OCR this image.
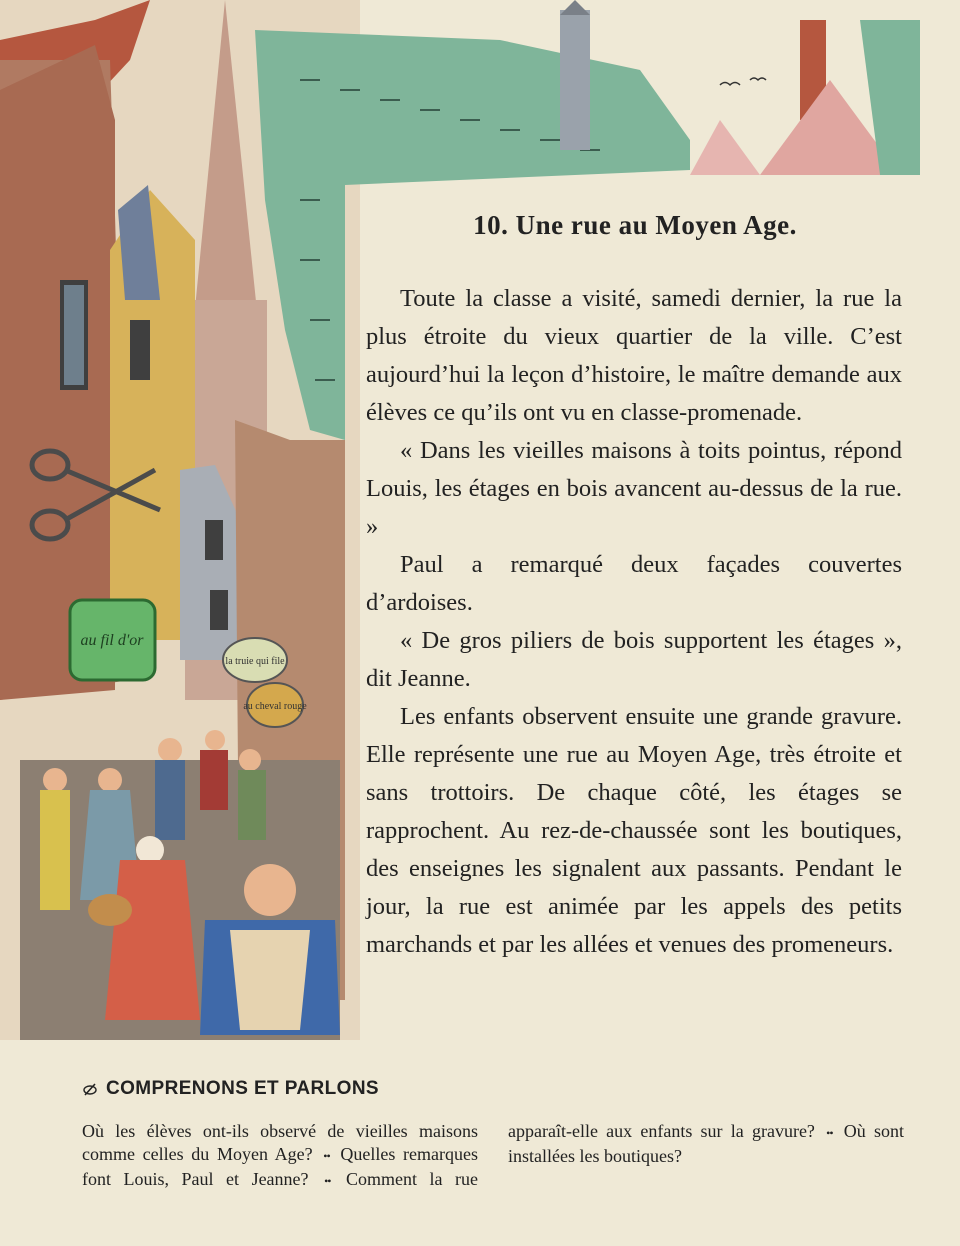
au fil d'or
la truie qui file
au cheval rouge
10. Une rue au Moyen Age.

Toute la classe a visité, samedi dernier, la rue la plus étroite du vieux quartier de la ville. C’est aujourd’hui la leçon d’histoire, le maître demande aux élèves ce qu’ils ont vu en classe-promenade.

« Dans les vieilles maisons à toits pointus, répond Louis, les étages en bois avancent au-dessus de la rue. »

Paul a remarqué deux façades couvertes d’ardoises.

« De gros piliers de bois supportent les étages », dit Jeanne.

Les enfants observent ensuite une grande gravure. Elle représente une rue au Moyen Age, très étroite et sans trottoirs. De chaque côté, les étages se rapprochent. Au rez-de-chaussée sont les boutiques, des enseignes les signalent aux passants. Pendant le jour, la rue est animée par les appels des petits marchands et par les allées et venues des promeneurs.

COMPRENONS ET PARLONS
Où les élèves ont-ils observé de vieilles maisons comme celles du Moyen Age? •• Quelles remarques font Louis, Paul et Jeanne? •• Comment la rue apparaît-elle aux enfants sur la gravure? •• Où sont installées les boutiques?
